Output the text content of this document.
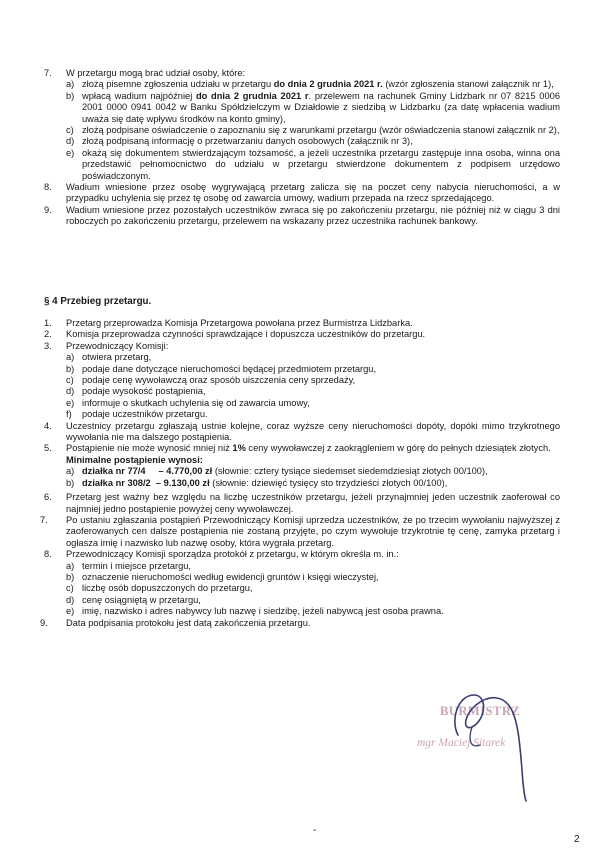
7. W przetargu mogą brać udział osoby, które:
a) złożą pisemne zgłoszenia udziału w przetargu do dnia 2 grudnia 2021 r. (wzór zgłoszenia stanowi załącznik nr 1),
b) wpłacą wadium najpóźniej do dnia 2 grudnia 2021 r. przelewem na rachunek Gminy Lidzbark nr 07 8215 0006 2001 0000 0941 0042 w Banku Spółdzielczym w Działdowie z siedzibą w Lidzbarku (za datę wpłacenia wadium uważa się datę wpływu środków na konto gminy),
c) złożą podpisane oświadczenie o zapoznaniu się z warunkami przetargu (wzór oświadczenia stanowi załącznik nr 2),
d) złożą podpisaną informację o przetwarzaniu danych osobowych (załącznik nr 3),
e) okażą się dokumentem stwierdzającym tożsamość, a jeżeli uczestnika przetargu zastępuje inna osoba, winna ona przedstawić pełnomocnictwo do udziału w przetargu stwierdzone dokumentem z podpisem urzędowo poświadczonym.
8. Wadium wniesione przez osobę wygrywającą przetarg zalicza się na poczet ceny nabycia nieruchomości, a w przypadku uchylenia się przez tę osobę od zawarcia umowy, wadium przepada na rzecz sprzedającego.
9. Wadium wniesione przez pozostałych uczestników zwraca się po zakończeniu przetargu, nie później niż w ciągu 3 dni roboczych po zakończeniu przetargu, przelewem na wskazany przez uczestnika rachunek bankowy.
§ 4 Przebieg przetargu.
1. Przetarg przeprowadza Komisja Przetargowa powołana przez Burmistrza Lidzbarka.
2. Komisja przeprowadza czynności sprawdzające i dopuszcza uczestników do przetargu.
3. Przewodniczący Komisji:
a) otwiera przetarg,
b) podaje dane dotyczące nieruchomości będącej przedmiotem przetargu,
c) podaje cenę wywoławczą oraz sposób uiszczenia ceny sprzedaży,
d) podaje wysokość postąpienia,
e) informuje o skutkach uchylenia się od zawarcia umowy,
f) podaje uczestników przetargu.
4. Uczestnicy przetargu zgłaszają ustnie kolejne, coraz wyższe ceny nieruchomości dopóty, dopóki mimo trzykrotnego wywołania nie ma dalszego postąpienia.
5. Postąpienie nie może wynosić mniej niż 1% ceny wywoławczej z zaokrągleniem w górę do pełnych dziesiątek złotych.
Minimalne postąpienie wynosi:
a) działka nr 77/4     – 4.770,00 zł (słownie: cztery tysiące siedemset siedemdziesiąt złotych 00/100),
b) działka nr 308/2  – 9.130,00 zł (słownie: dziewięć tysięcy sto trzydzieści złotych 00/100),
6. Przetarg jest ważny bez względu na liczbę uczestników przetargu, jeżeli przynajmniej jeden uczestnik zaoferował co najmniej jedno postąpienie powyżej ceny wywoławczej.
7. Po ustaniu zgłaszania postąpień Przewodniczący Komisji uprzedza uczestników, że po trzecim wywołaniu najwyższej z zaoferowanych cen dalsze postąpienia nie zostaną przyjęte, po czym wywołuje trzykrotnie tę cenę, zamyka przetarg i ogłasza imię i nazwisko lub nazwę osoby, która wygrała przetarg.
8. Przewodniczący Komisji sporządza protokół z przetargu, w którym określa m. in.:
a) termin i miejsce przetargu,
b) oznaczenie nieruchomości według ewidencji gruntów i księgi wieczystej,
c) liczbę osób dopuszczonych do przetargu,
d) cenę osiągniętą w przetargu,
e) imię, nazwisko i adres nabywcy lub nazwę i siedzibę, jeżeli nabywcą jest osoba prawna.
9. Data podpisania protokołu jest datą zakończenia przetargu.
BURMISTRZ
mgr Maciej Sitarek
-
2
